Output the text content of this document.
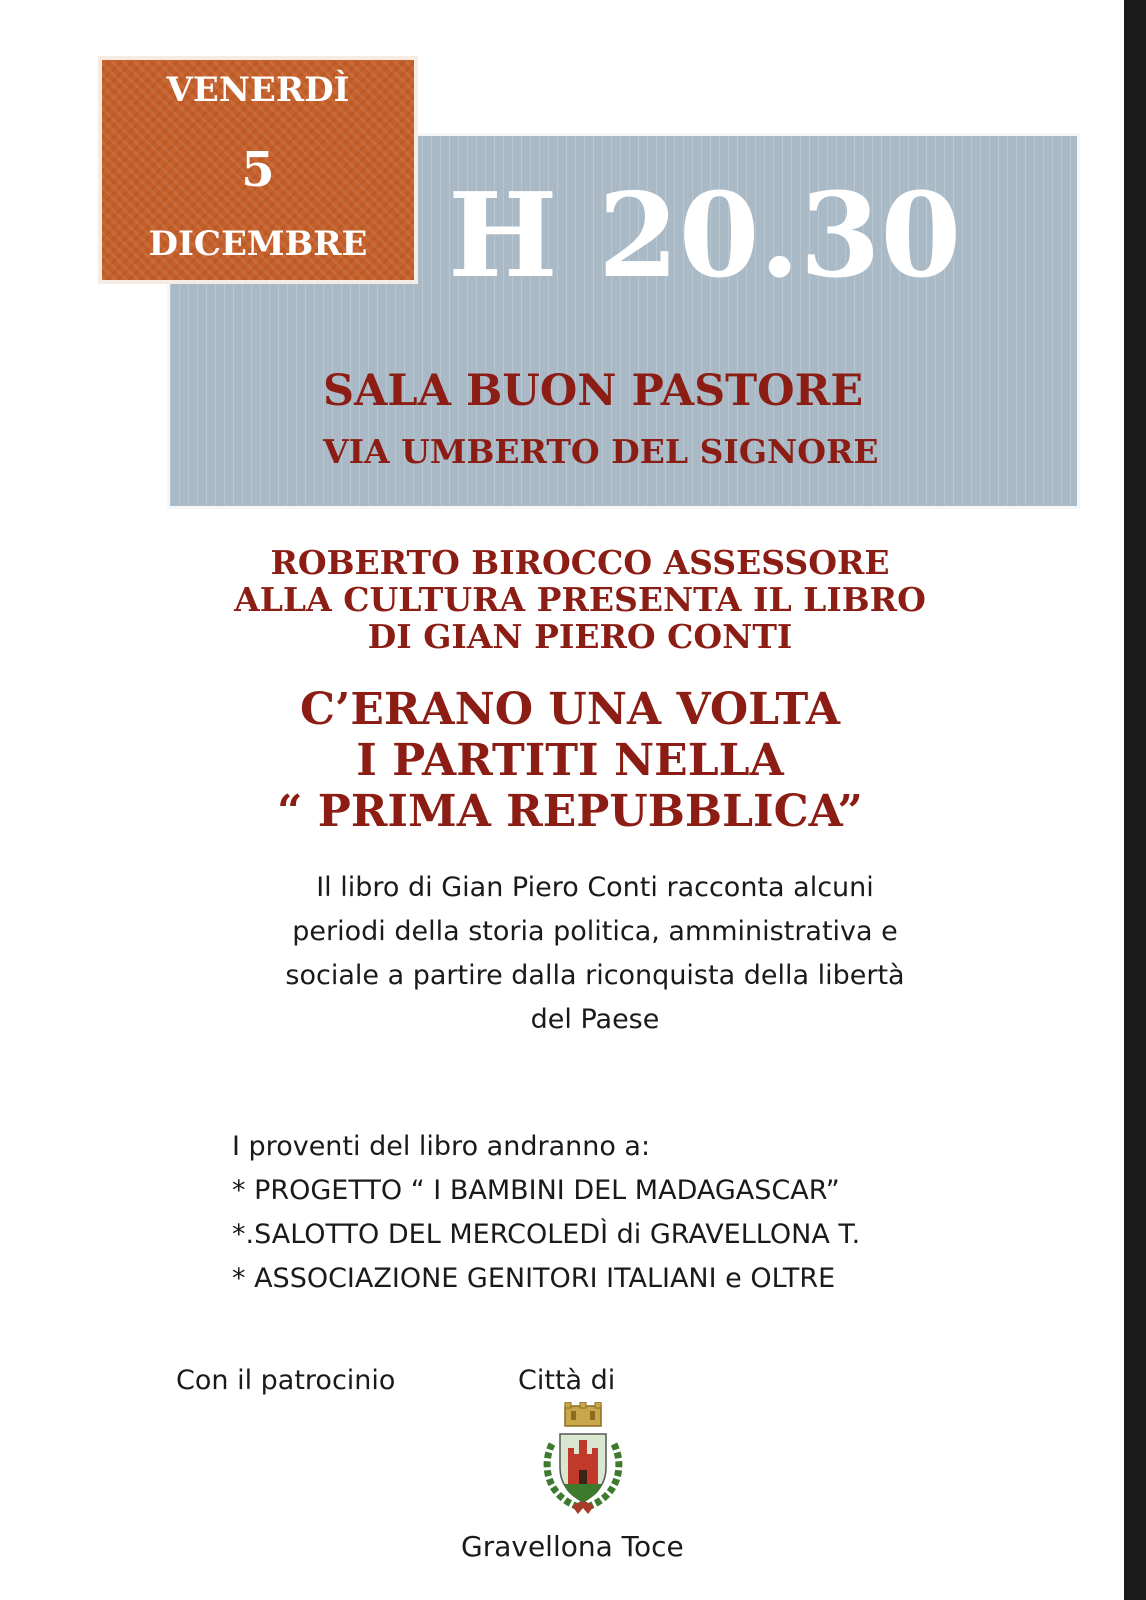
VENERDÌ
5
DICEMBRE H 20.30
SALA BUON PASTORE
VIA UMBERTO DEL SIGNORE
ROBERTO BIROCCO ASSESSORE
ALLA CULTURA PRESENTA IL LIBRO
DI GIAN PIERO CONTI
C’ERANO UNA VOLTA
I PARTITI NELLA
“ PRIMA REPUBBLICA”
Il libro di Gian Piero Conti racconta alcuni
periodi della storia politica, amministrativa e
sociale a partire dalla riconquista della libertà
del Paese
I proventi del libro andranno a:
* PROGETTO “ I BAMBINI DEL MADAGASCAR”
*.SALOTTO DEL MERCOLEDÌ di GRAVELLONA T.
* ASSOCIAZIONE GENITORI ITALIANI e OLTRE
Con il patrocinio	Città di
Gravellona Toce
